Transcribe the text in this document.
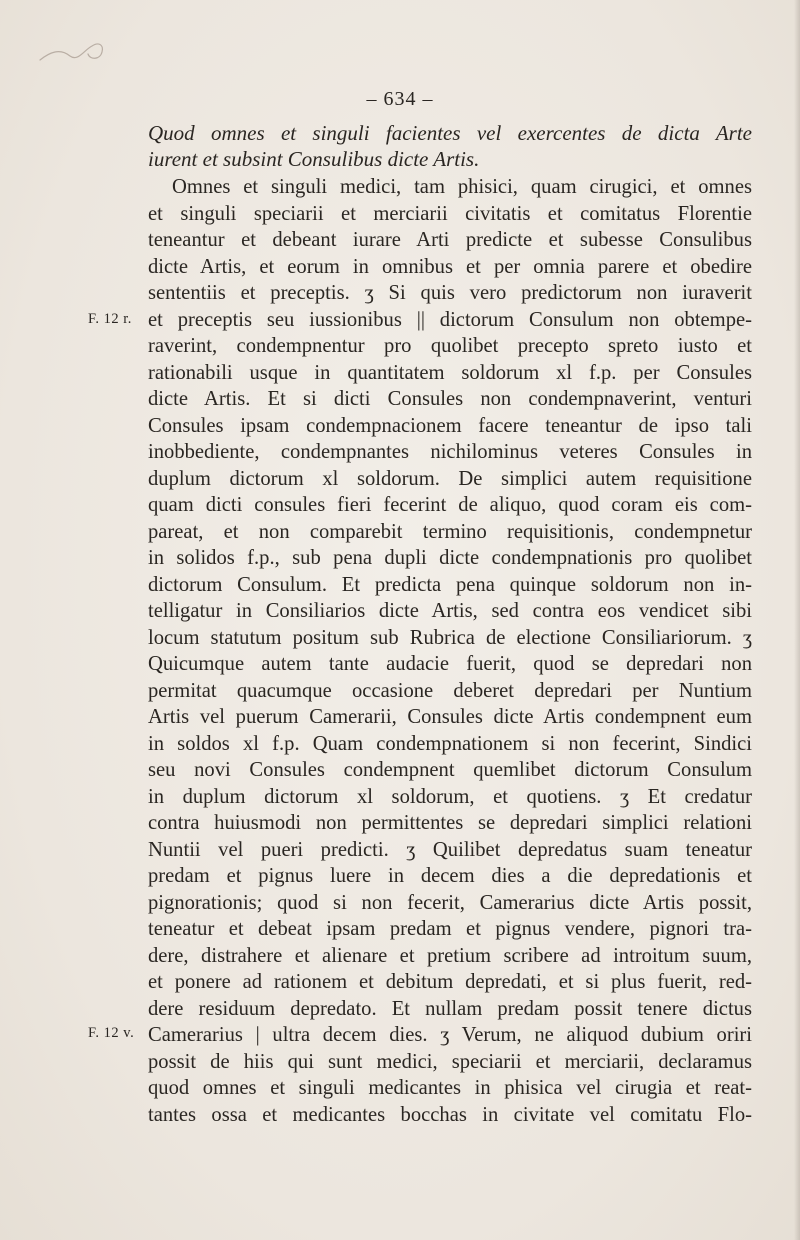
– 634 –
F. 12 r.
F. 12 v.

Quod omnes et singuli facientes vel exercentes de dicta Arte
iurent et subsint Consulibus dicte Artis.

Omnes et singuli medici, tam phisici, quam cirugici, et omnes
et singuli speciarii et merciarii civitatis et comitatus Florentie
teneantur et debeant iurare Arti predicte et subesse Consulibus
dicte Artis, et eorum in omnibus et per omnia parere et obedire
sententiis et preceptis. ʒ Si quis vero predictorum non iuraverit
et preceptis seu iussionibus || dictorum Consulum non obtempe-
raverint, condempnentur pro quolibet precepto spreto iusto et
rationabili usque in quantitatem soldorum xl f.p. per Consules
dicte Artis. Et si dicti Consules non condempnaverint, venturi
Consules ipsam condempnacionem facere teneantur de ipso tali
inobbediente, condempnantes nichilominus veteres Consules in
duplum dictorum xl soldorum. De simplici autem requisitione
quam dicti consules fieri fecerint de aliquo, quod coram eis com-
pareat, et non comparebit termino requisitionis, condempnetur
in solidos f.p., sub pena dupli dicte condempnationis pro quolibet
dictorum Consulum. Et predicta pena quinque soldorum non in-
telligatur in Consiliarios dicte Artis, sed contra eos vendicet sibi
locum statutum positum sub Rubrica de electione Consiliariorum. ʒ
Quicumque autem tante audacie fuerit, quod se depredari non
permitat quacumque occasione deberet depredari per Nuntium
Artis vel puerum Camerarii, Consules dicte Artis condempnent eum
in soldos xl f.p. Quam condempnationem si non fecerint, Sindici
seu novi Consules condempnent quemlibet dictorum Consulum
in duplum dictorum xl soldorum, et quotiens. ʒ Et credatur
contra huiusmodi non permittentes se depredari simplici relationi
Nuntii vel pueri predicti. ʒ Quilibet depredatus suam teneatur
predam et pignus luere in decem dies a die depredationis et
pignorationis; quod si non fecerit, Camerarius dicte Artis possit,
teneatur et debeat ipsam predam et pignus vendere, pignori tra-
dere, distrahere et alienare et pretium scribere ad introitum suum,
et ponere ad rationem et debitum depredati, et si plus fuerit, red-
dere residuum depredato. Et nullam predam possit tenere dictus
Camerarius | ultra decem dies. ʒ Verum, ne aliquod dubium oriri
possit de hiis qui sunt medici, speciarii et merciarii, declaramus
quod omnes et singuli medicantes in phisica vel cirugia et reat-
tantes ossa et medicantes bocchas in civitate vel comitatu Flo-
